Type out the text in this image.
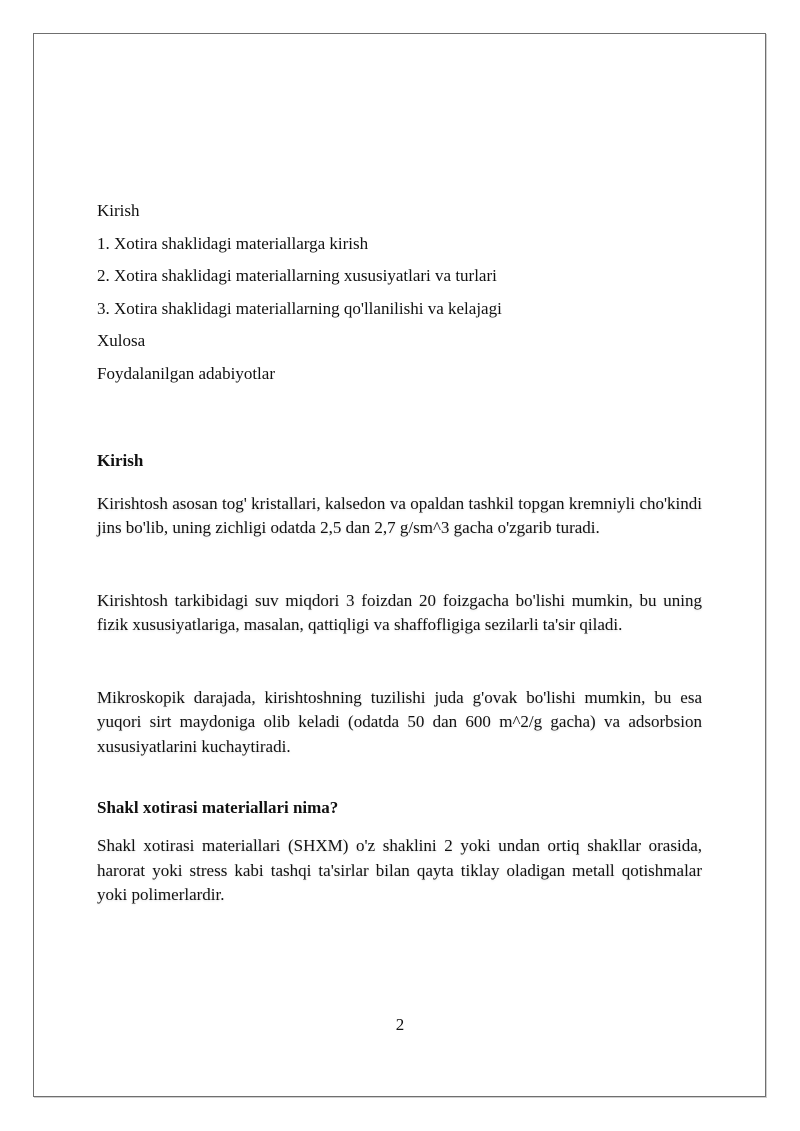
Kirish
1. Xotira shaklidagi materiallarga kirish
2. Xotira shaklidagi materiallarning xususiyatlari va turlari
3. Xotira shaklidagi materiallarning qo'llanilishi va kelajagi
Xulosa
Foydalanilgan adabiyotlar
Kirish

Kirishtosh asosan tog' kristallari, kalsedon va opaldan tashkil topgan kremniyli cho'kindi jins bo'lib, uning zichligi odatda 2,5 dan 2,7 g/sm^3 gacha o'zgarib turadi.

Kirishtosh tarkibidagi suv miqdori 3 foizdan 20 foizgacha bo'lishi mumkin, bu uning fizik xususiyatlariga, masalan, qattiqligi va shaffofligiga sezilarli ta'sir qiladi.

Mikroskopik darajada, kirishtoshning tuzilishi juda g'ovak bo'lishi mumkin, bu esa yuqori sirt maydoniga olib keladi (odatda 50 dan 600 m^2/g gacha) va adsorbsion xususiyatlarini kuchaytiradi.

Shakl xotirasi materiallari nima?

Shakl xotirasi materiallari (SHXM) o'z shaklini 2 yoki undan ortiq shakllar orasida, harorat yoki stress kabi tashqi ta'sirlar bilan qayta tiklay oladigan metall qotishmalar yoki polimerlardir.

2
